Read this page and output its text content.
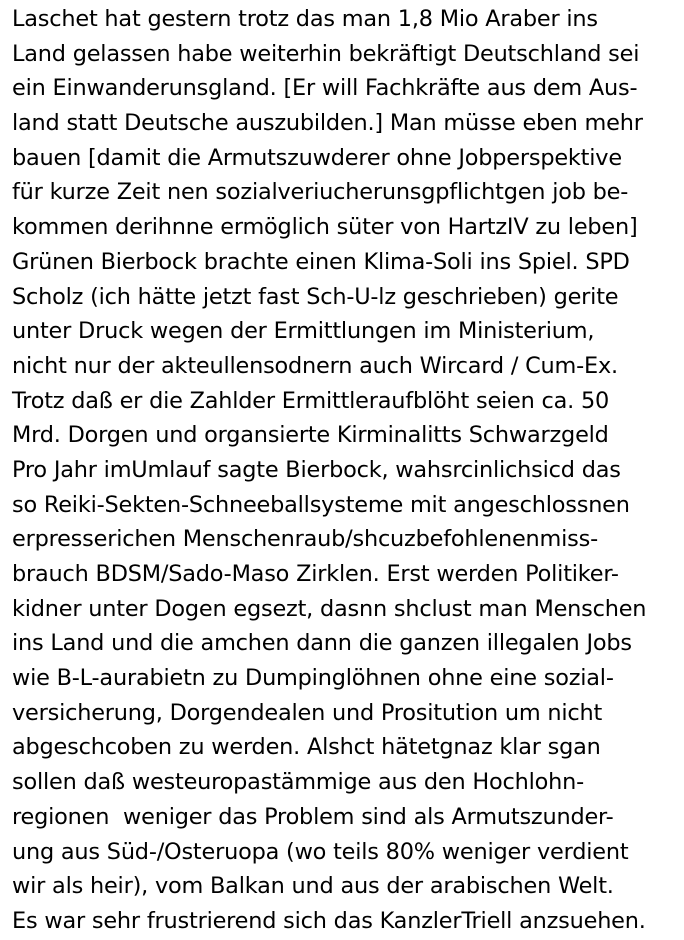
Laschet hat gestern trotz das man 1,8 Mio Araber ins
Land gelassen habe weiterhin bekräftigt Deutschland sei
ein Einwanderunsgland. [Er will Fachkräfte aus dem Aus-
land statt Deutsche auszubilden.] Man müsse eben mehr
bauen [damit die Armutszuwderer ohne Jobperspektive
für kurze Zeit nen sozialveriucherunsgpflichtgen job be-
kommen derihnne ermöglich süter von HartzIV zu leben]
Grünen Bierbock brachte einen Klima-Soli ins Spiel. SPD
Scholz (ich hätte jetzt fast Sch-U-lz geschrieben) gerite
unter Druck wegen der Ermittlungen im Ministerium,
nicht nur der akteullensodnern auch Wircard / Cum-Ex.
Trotz daß er die Zahlder Ermittleraufblöht seien ca. 50
Mrd. Dorgen und organsierte Kirminalitts Schwarzgeld
Pro Jahr imUmlauf sagte Bierbock, wahsrcinlichsicd das
so Reiki-Sekten-Schneeballsysteme mit angeschlossnen
erpresserichen Menschenraub/shcuzbefohlenenmiss-
brauch BDSM/Sado-Maso Zirklen. Erst werden Politiker-
kidner unter Dogen egsezt, dasnn shclust man Menschen
ins Land und die amchen dann die ganzen illegalen Jobs
wie B-L-aurabietn zu Dumpinglöhnen ohne eine sozial-
versicherung, Dorgendealen und Prositution um nicht
abgeschcoben zu werden. Alshct hätetgnaz klar sgan
sollen daß westeuropastämmige aus den Hochlohn-
regionen  weniger das Problem sind als Armutszunder-
ung aus Süd-/Osteruopa (wo teils 80% weniger verdient
wir als heir), vom Balkan und aus der arabischen Welt.
Es war sehr frustrierend sich das KanzlerTriell anzsuehen.
